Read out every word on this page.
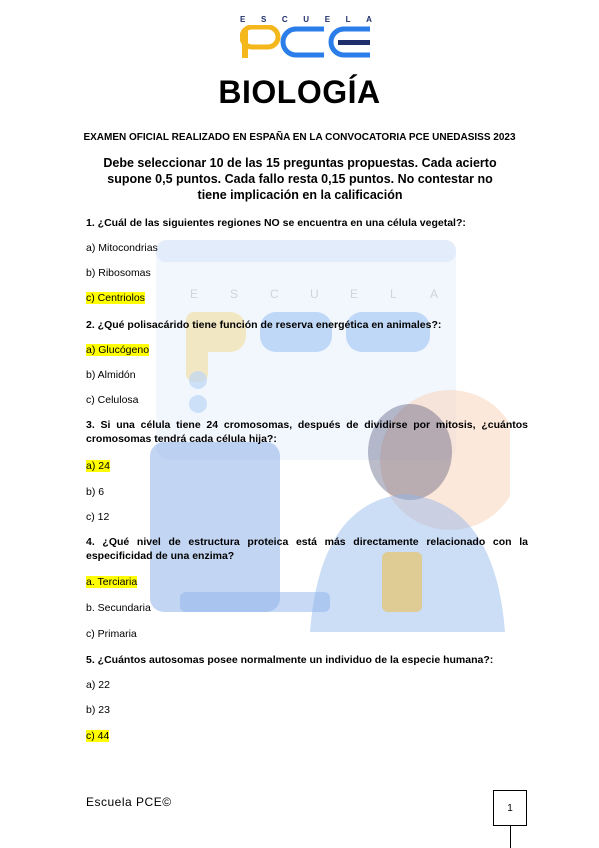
E	S	C	U	E	L	A
E S C U E L A
BIOLOGÍA
EXAMEN OFICIAL REALIZADO EN ESPAÑA EN LA CONVOCATORIA PCE UNEDASISS 2023
Debe seleccionar 10 de las 15 preguntas propuestas. Cada acierto supone 0,5 puntos. Cada fallo resta 0,15 puntos. No contestar no tiene implicación en la calificación
1. ¿Cuál de las siguientes regiones NO se encuentra en una célula vegetal?:
a) Mitocondrias
b) Ribosomas
c) Centriolos
2. ¿Qué polisacárido tiene función de reserva energética en animales?:
a) Glucógeno
b) Almidón
c) Celulosa
3. Si una célula tiene 24 cromosomas, después de dividirse por mitosis, ¿cuántos cromosomas tendrá cada célula hija?:
a) 24
b) 6
c) 12
4. ¿Qué nivel de estructura proteica está más directamente relacionado con la especificidad de una enzima?
a. Terciaria
b. Secundaria
c) Primaria
5. ¿Cuántos autosomas posee normalmente un individuo de la especie humana?:
a) 22
b) 23
c) 44
Escuela PCE©	1
